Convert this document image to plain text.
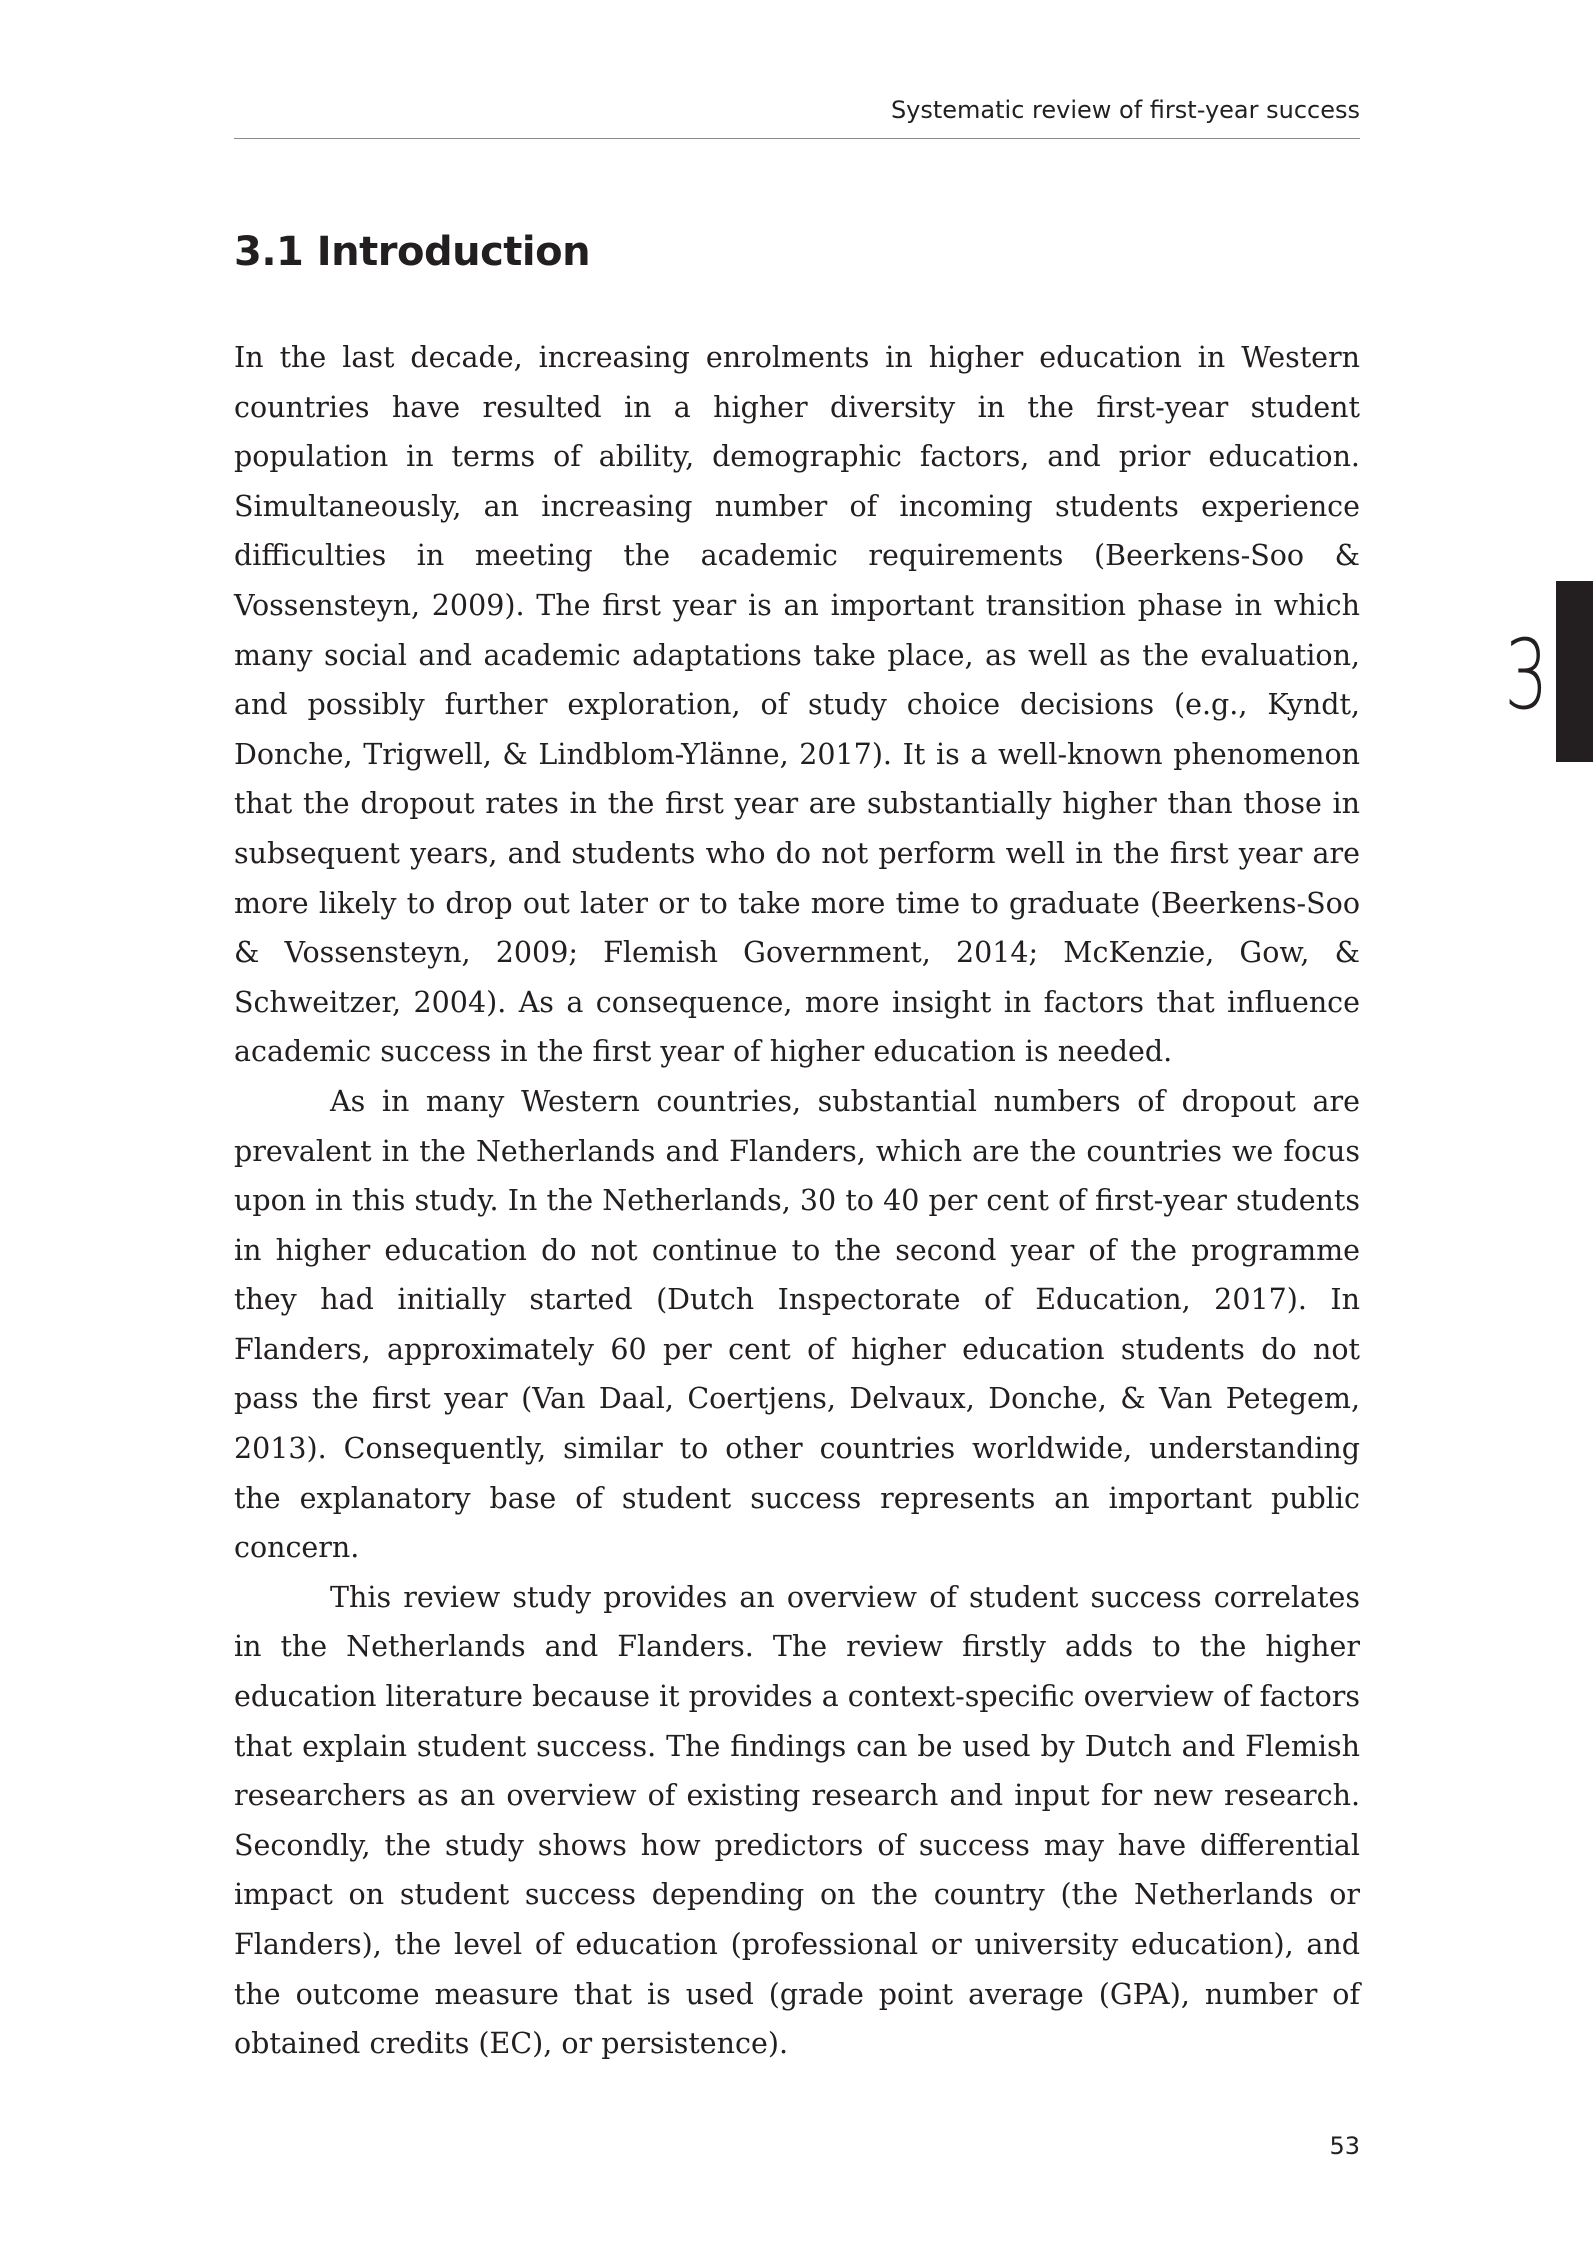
Systematic review of first-year success
3.1 Introduction

In the last decade, increasing enrolments in higher education in Western countries have resulted in a higher diversity in the first-year student population in terms of ability, demographic factors, and prior education. Simultaneously, an increasing number of incoming students experience difficulties in meeting the academic requirements (Beerkens-Soo & Vossensteyn, 2009). The first year is an important transition phase in which many social and academic adaptations take place, as well as the evaluation, and possibly further exploration, of study choice decisions (e.g., Kyndt, Donche, Trigwell, & Lindblom-Ylänne, 2017). It is a well-known phenomenon that the dropout rates in the first year are substantially higher than those in subsequent years, and students who do not perform well in the first year are more likely to drop out later or to take more time to graduate (Beerkens-Soo & Vossensteyn, 2009; Flemish Government, 2014; McKenzie, Gow, & Schweitzer, 2004). As a consequence, more insight in factors that influence academic success in the first year of higher education is needed.

As in many Western countries, substantial numbers of dropout are prevalent in the Netherlands and Flanders, which are the countries we focus upon in this study. In the Netherlands, 30 to 40 per cent of first-year students in higher education do not continue to the second year of the programme they had initially started (Dutch Inspectorate of Education, 2017). In Flanders, approximately 60 per cent of higher education students do not pass the first year (Van Daal, Coertjens, Delvaux, Donche, & Van Petegem, 2013). Consequently, similar to other countries worldwide, understanding the explanatory base of student success represents an important public concern.

This review study provides an overview of student success correlates in the Netherlands and Flanders. The review firstly adds to the higher education literature because it provides a context-specific overview of factors that explain student success. The findings can be used by Dutch and Flemish researchers as an overview of existing research and input for new research. Secondly, the study shows how predictors of success may have differential impact on student success depending on the country (the Netherlands or Flanders), the level of education (professional or university education), and the outcome measure that is used (grade point average (GPA), number of obtained credits (EC), or persistence).

3
53
